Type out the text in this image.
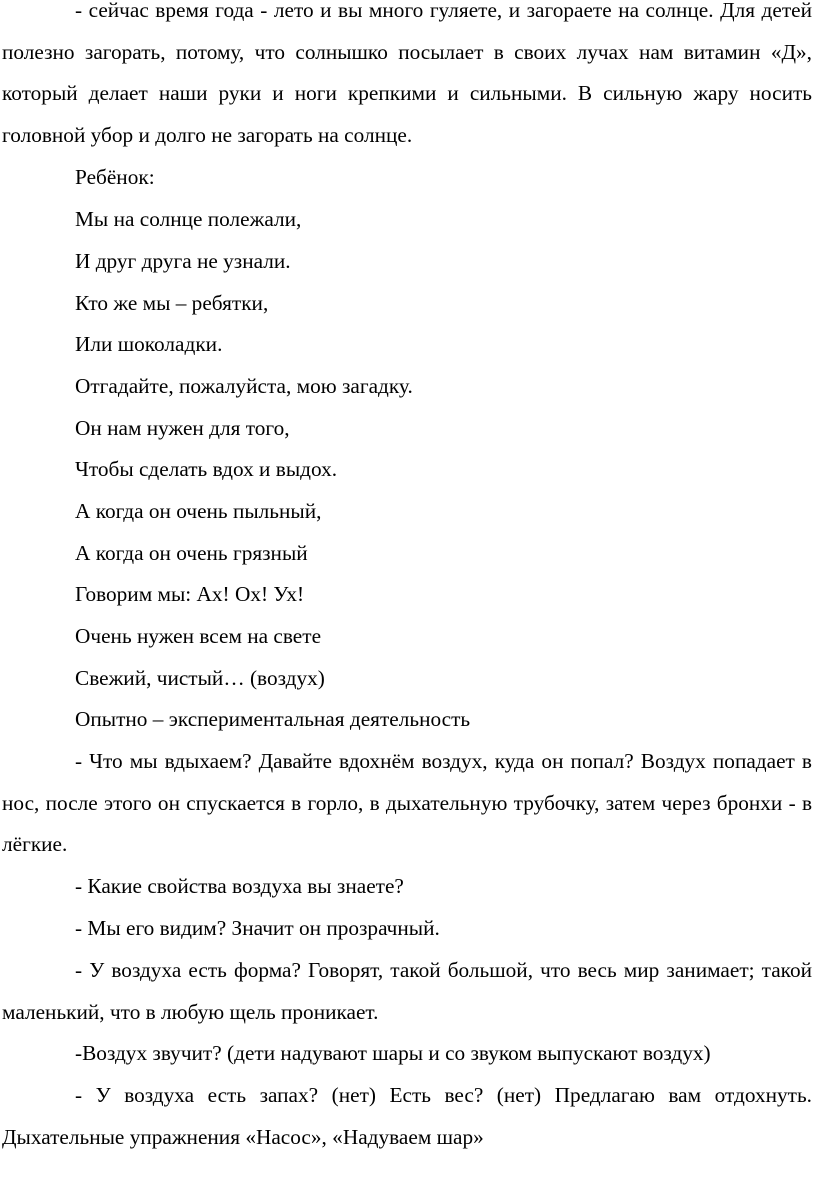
- сейчас время года - лето и вы много гуляете, и загораете на солнце. Для детей полезно загорать, потому, что солнышко посылает в своих лучах нам витамин «Д», который делает наши руки и ноги крепкими и сильными. В сильную жару носить головной убор и долго не загорать на солнце.

Ребёнок:

Мы на солнце полежали,

И друг друга не узнали.

Кто же мы – ребятки,

Или шоколадки.

Отгадайте, пожалуйста, мою загадку.

Он нам нужен для того,

Чтобы сделать вдох и выдох.

А когда он очень пыльный,

А когда он очень грязный

Говорим мы: Ах! Ох! Ух!

Очень нужен всем на свете

Свежий, чистый… (воздух)

Опытно – экспериментальная деятельность

- Что мы вдыхаем? Давайте вдохнём воздух, куда он попал? Воздух попадает в нос, после этого он спускается в горло, в дыхательную трубочку, затем через бронхи - в лёгкие.

- Какие свойства воздуха вы знаете?

- Мы его видим? Значит он прозрачный.

- У воздуха есть форма? Говорят, такой большой, что весь мир занимает; такой маленький, что в любую щель проникает.

-Воздух звучит? (дети надувают шары и со звуком выпускают воздух)

- У воздуха есть запах? (нет) Есть вес? (нет) Предлагаю вам отдохнуть. Дыхательные упражнения «Насос», «Надуваем шар»
